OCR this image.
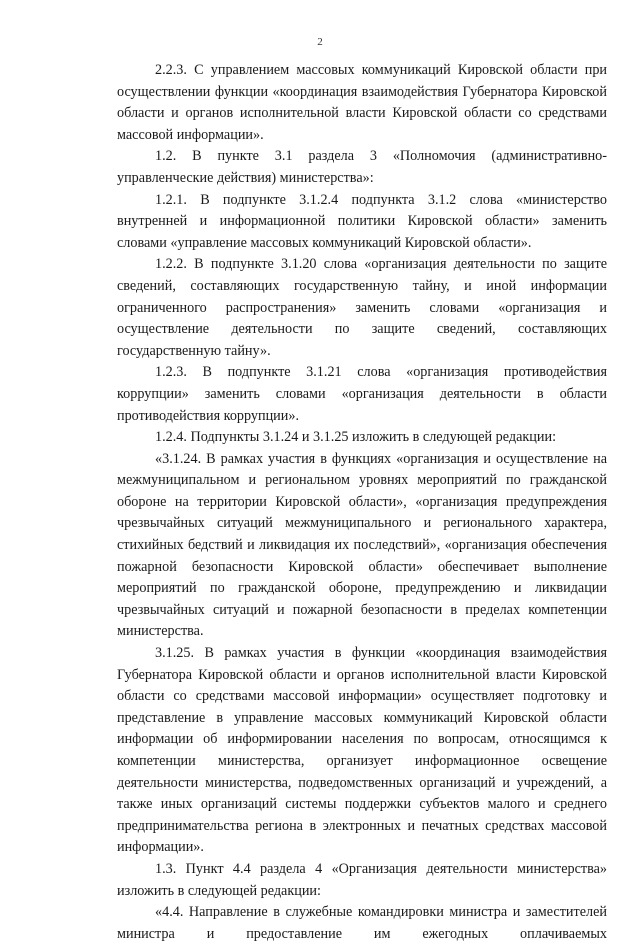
2

2.2.3. С управлением массовых коммуникаций Кировской области при осуществлении функции «координация взаимодействия Губернатора Кировской области и органов исполнительной власти Кировской области со средствами массовой информации».

1.2. В пункте 3.1 раздела 3 «Полномочия (административно-управленческие действия) министерства»:

1.2.1. В подпункте 3.1.2.4 подпункта 3.1.2 слова «министерство внутренней и информационной политики Кировской области» заменить словами «управление массовых коммуникаций Кировской области».

1.2.2. В подпункте 3.1.20 слова «организация деятельности по защите сведений, составляющих государственную тайну, и иной информации ограниченного распространения» заменить словами «организация и осуществление деятельности по защите сведений, составляющих государственную тайну».

1.2.3. В подпункте 3.1.21 слова «организация противодействия коррупции» заменить словами «организация деятельности в области противодействия коррупции».

1.2.4. Подпункты 3.1.24 и 3.1.25 изложить в следующей редакции:

«3.1.24. В рамках участия в функциях «организация и осуществление на межмуниципальном и региональном уровнях мероприятий по гражданской обороне на территории Кировской области», «организация предупреждения чрезвычайных ситуаций межмуниципального и регионального характера, стихийных бедствий и ликвидация их последствий», «организация обеспечения пожарной безопасности Кировской области» обеспечивает выполнение мероприятий по гражданской обороне, предупреждению и ликвидации чрезвычайных ситуаций и пожарной безопасности в пределах компетенции министерства.

3.1.25. В рамках участия в функции «координация взаимодействия Губернатора Кировской области и органов исполнительной власти Кировской области со средствами массовой информации» осуществляет подготовку и представление в управление массовых коммуникаций Кировской области информации об информировании населения по вопросам, относящимся к компетенции министерства, организует информационное освещение деятельности министерства, подведомственных организаций и учреждений, а также иных организаций системы поддержки субъектов малого и среднего предпринимательства региона в электронных и печатных средствах массовой информации».

1.3. Пункт 4.4 раздела 4 «Организация деятельности министерства» изложить в следующей редакции:

«4.4. Направление в служебные командировки министра и заместителей министра и предоставление им ежегодных оплачиваемых
